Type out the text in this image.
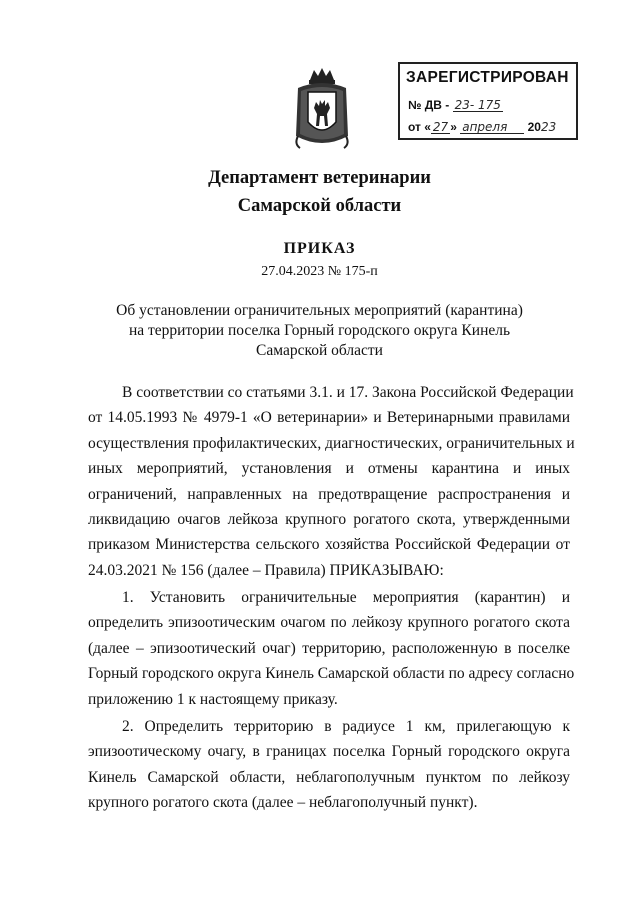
ЗАРЕГИСТРИРОВАН
№ ДВ - 23- 175
от « 27 » апреля 2023
Департамент ветеринарии
Самарской области
ПРИКАЗ
27.04.2023 № 175-п
Об установлении ограничительных мероприятий (карантина)
на территории поселка Горный городского округа Кинель
Самарской области
В соответствии со статьями 3.1. и 17. Закона Российской Федерации
от 14.05.1993 № 4979-1 «О ветеринарии» и Ветеринарными правилами
осуществления профилактических, диагностических, ограничительных и
иных мероприятий, установления и отмены карантина и иных
ограничений, направленных на предотвращение распространения и
ликвидацию очагов лейкоза крупного рогатого скота, утвержденными
приказом Министерства сельского хозяйства Российской Федерации от
24.03.2021 № 156 (далее – Правила) ПРИКАЗЫВАЮ:
1. Установить ограничительные мероприятия (карантин) и
определить эпизоотическим очагом по лейкозу крупного рогатого скота
(далее – эпизоотический очаг) территорию, расположенную в поселке
Горный городского округа Кинель Самарской области по адресу согласно
приложению 1 к настоящему приказу.
2. Определить территорию в радиусе 1 км, прилегающую к
эпизоотическому очагу, в границах поселка Горный городского округа
Кинель Самарской области, неблагополучным пунктом по лейкозу
крупного рогатого скота (далее – неблагополучный пункт).
